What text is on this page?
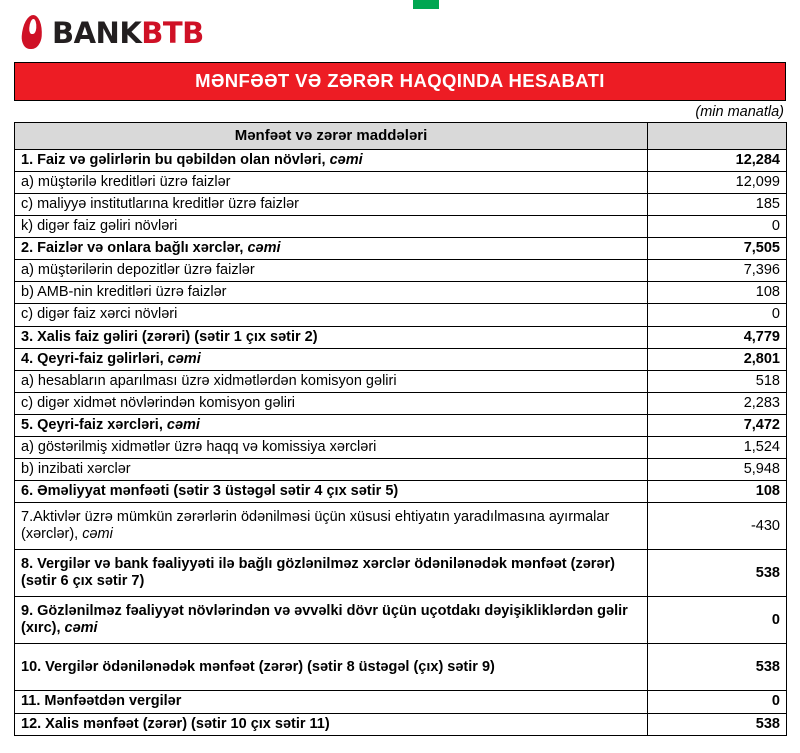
BANKBTB
MƏNFƏƏT VƏ ZƏRƏR HAQQINDA HESABATI
(min manatla)
Mənfəət və zərər maddələri	
1. Faiz və gəlirlərin bu qəbildən olan növləri, cəmi	12,284
a) müştərilə kreditləri üzrə faizlər	12,099
c) maliyyə institutlarına kreditlər üzrə faizlər	185
k) digər faiz gəliri növləri	0
2. Faizlər və onlara bağlı xərclər, cəmi	7,505
a) müştərilərin depozitlər üzrə faizlər	7,396
b) AMB-nin kreditləri üzrə faizlər	108
c) digər faiz xərci növləri	0
3. Xalis faiz gəliri (zərəri) (sətir 1 çıx sətir 2)	4,779
4. Qeyri-faiz gəlirləri, cəmi	2,801
a) hesabların aparılması üzrə xidmətlərdən komisyon gəliri	518
c) digər xidmət növlərindən komisyon gəliri	2,283
5. Qeyri-faiz xərcləri, cəmi	7,472
a) göstərilmiş xidmətlər üzrə haqq və komissiya xərcləri	1,524
b) inzibati xərclər	5,948
6. Əməliyyat mənfəəti (sətir 3 üstəgəl sətir 4 çıx sətir 5)	108
7.Aktivlər üzrə mümkün zərərlərin ödənilməsi üçün xüsusi ehtiyatın yaradılmasına ayırmalar (xərclər), cəmi	-430
8. Vergilər və bank fəaliyyəti ilə bağlı gözlənilməz xərclər ödənilənədək mənfəət (zərər) (sətir 6 çıx sətir 7)	538
9. Gözlənilməz fəaliyyət növlərindən və əvvəlki dövr üçün uçotdakı dəyişikliklərdən gəlir (xırc), cəmi	0
10. Vergilər ödənilənədək mənfəət (zərər) (sətir 8 üstəgəl (çıx) sətir 9)	538
11. Mənfəətdən vergilər	0
12. Xalis mənfəət (zərər) (sətir 10 çıx sətir 11)	538
